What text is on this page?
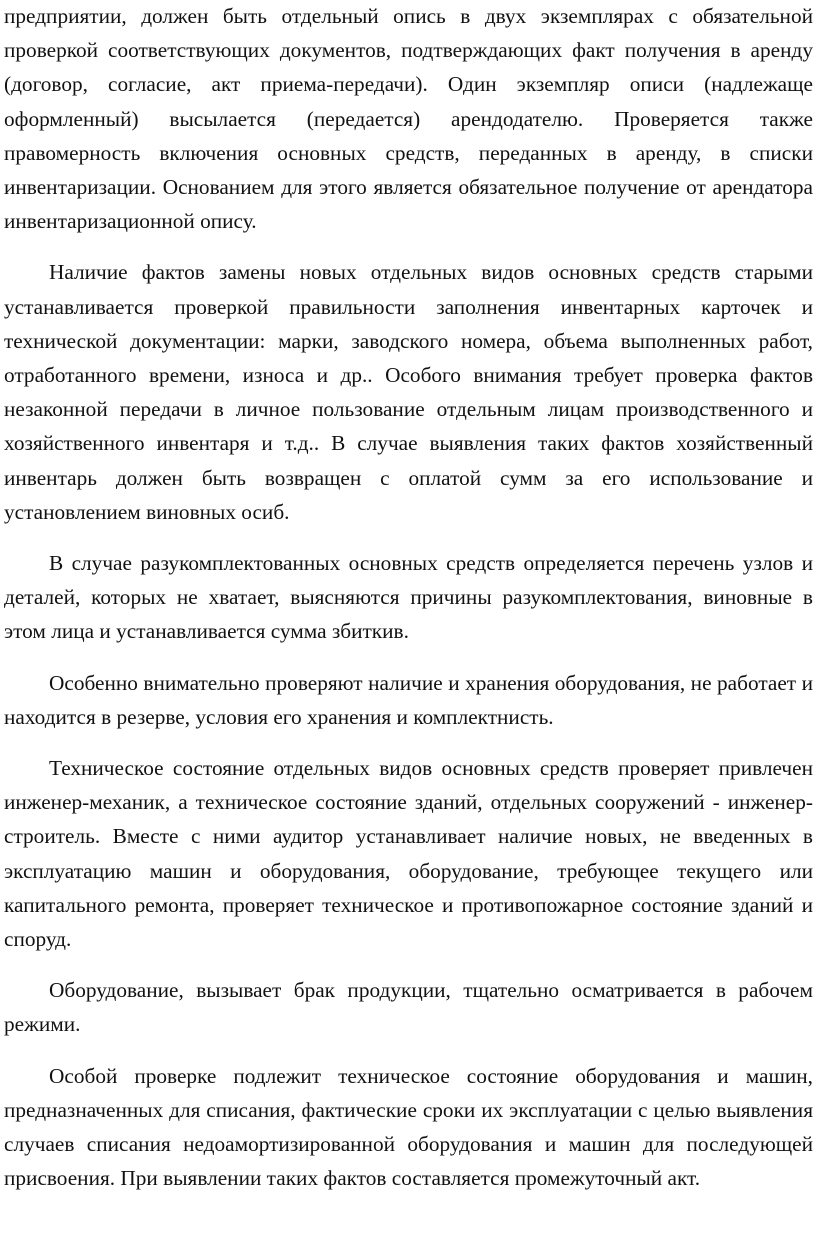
предприятии, должен быть отдельный опись в двух экземплярах с обязательной проверкой соответствующих документов, подтверждающих факт получения в аренду (договор, согласие, акт приема-передачи). Один экземпляр описи (надлежаще оформленный) высылается (передается) арендодателю. Проверяется также правомерность включения основных средств, переданных в аренду, в списки инвентаризации. Основанием для этого является обязательное получение от арендатора инвентаризационной опису.

Наличие фактов замены новых отдельных видов основных средств старыми устанавливается проверкой правильности заполнения инвентарных карточек и технической документации: марки, заводского номера, объема выполненных работ, отработанного времени, износа и др.. Особого внимания требует проверка фактов незаконной передачи в личное пользование отдельным лицам производственного и хозяйственного инвентаря и т.д.. В случае выявления таких фактов хозяйственный инвентарь должен быть возвращен с оплатой сумм за его использование и установлением виновных осиб.

В случае разукомплектованных основных средств определяется перечень узлов и деталей, которых не хватает, выясняются причины разукомплектования, виновные в этом лица и устанавливается сумма збиткив.

Особенно внимательно проверяют наличие и хранения оборудования, не работает и находится в резерве, условия его хранения и комплектнисть.

Техническое состояние отдельных видов основных средств проверяет привлечен инженер-механик, а техническое состояние зданий, отдельных сооружений - инженер-строитель. Вместе с ними аудитор устанавливает наличие новых, не введенных в эксплуатацию машин и оборудования, оборудование, требующее текущего или капитального ремонта, проверяет техническое и противопожарное состояние зданий и споруд.

Оборудование, вызывает брак продукции, тщательно осматривается в рабочем режими.

Особой проверке подлежит техническое состояние оборудования и машин, предназначенных для списания, фактические сроки их эксплуатации с целью выявления случаев списания недоамортизированной оборудования и машин для последующей присвоения. При выявлении таких фактов составляется промежуточный акт.
